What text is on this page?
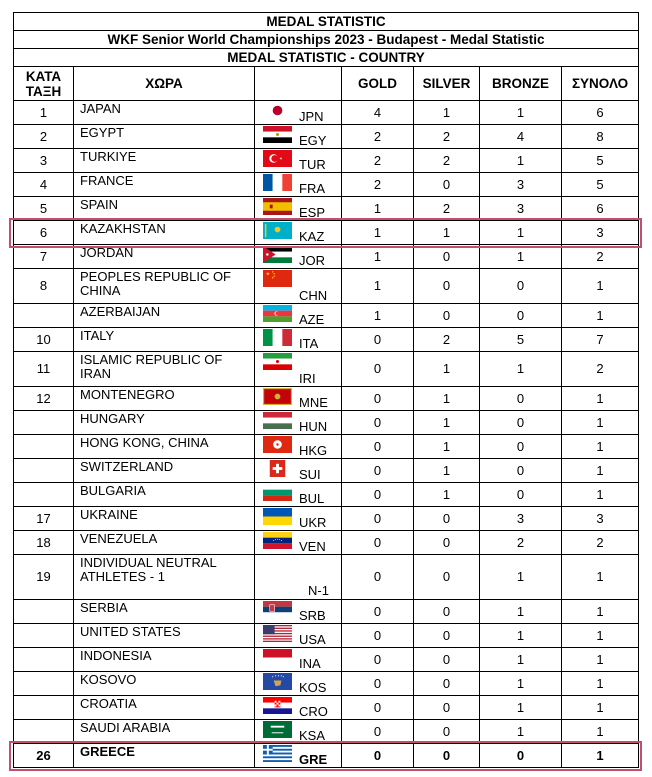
MEDAL STATISTIC						
WKF Senior World Championships 2023 - Budapest - Medal Statistic						
MEDAL STATISTIC - COUNTRY						
ΚΑΤΑ ΤΑΞΗ	ΧΩΡΑ		GOLD	SILVER	BRONZE	ΣΥΝΟΛΟ
1	JAPAN	JPN	4	1	1	6
2	EGYPT	EGY	2	2	4	8
3	TURKIYE	TUR	2	2	1	5
4	FRANCE	FRA	2	0	3	5
5	SPAIN	ESP	1	2	3	6
6	KAZAKHSTAN	KAZ	1	1	1	3
7	JORDAN	JOR	1	0	1	2
8	PEOPLES REPUBLIC OF CHINA	CHN	1	0	0	1
	AZERBAIJAN	AZE	1	0	0	1
10	ITALY	ITA	0	2	5	7
11	ISLAMIC REPUBLIC OF IRAN	IRI	0	1	1	2
12	MONTENEGRO	MNE	0	1	0	1
	HUNGARY	HUN	0	1	0	1
	HONG KONG, CHINA	HKG	0	1	0	1
	SWITZERLAND	SUI	0	1	0	1
	BULGARIA	BUL	0	1	0	1
17	UKRAINE	UKR	0	0	3	3
18	VENEZUELA	VEN	0	0	2	2
19	INDIVIDUAL NEUTRAL ATHLETES - 1	N-1	0	0	1	1
	SERBIA	SRB	0	0	1	1
	UNITED STATES	USA	0	0	1	1
	INDONESIA	INA	0	0	1	1
	KOSOVO	KOS	0	0	1	1
	CROATIA	CRO	0	0	1	1
	SAUDI ARABIA	KSA	0	0	1	1
26	GREECE	GRE	0	0	0	1
